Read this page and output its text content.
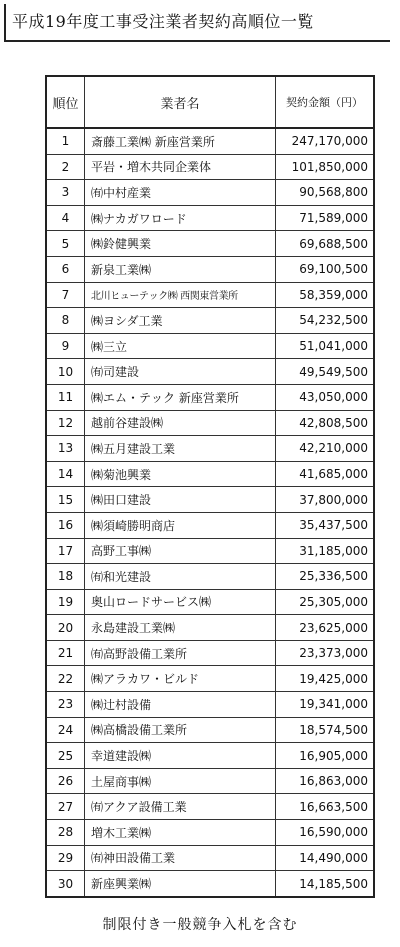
平成19年度工事受注業者契約高順位一覧
順位	業者名	契約金額（円）
1	斎藤工業㈱ 新座営業所	247,170,000
2	平岩・増木共同企業体	101,850,000
3	㈲中村産業	90,568,800
4	㈱ナカガワロード	71,589,000
5	㈱鈴健興業	69,688,500
6	新泉工業㈱	69,100,500
7	北川ヒューテック㈱ 西関東営業所	58,359,000
8	㈱ヨシダ工業	54,232,500
9	㈱三立	51,041,000
10	㈲司建設	49,549,500
11	㈱エム・テック 新座営業所	43,050,000
12	越前谷建設㈱	42,808,500
13	㈱五月建設工業	42,210,000
14	㈱菊池興業	41,685,000
15	㈱田口建設	37,800,000
16	㈱須崎勝明商店	35,437,500
17	高野工事㈱	31,185,000
18	㈲和光建設	25,336,500
19	奥山ロードサービス㈱	25,305,000
20	永島建設工業㈱	23,625,000
21	㈲高野設備工業所	23,373,000
22	㈱アラカワ・ビルド	19,425,000
23	㈱辻村設備	19,341,000
24	㈱高橋設備工業所	18,574,500
25	幸道建設㈱	16,905,000
26	土屋商事㈱	16,863,000
27	㈲アクア設備工業	16,663,500
28	増木工業㈱	16,590,000
29	㈲神田設備工業	14,490,000
30	新座興業㈱	14,185,500
制限付き一般競争入札を含む
